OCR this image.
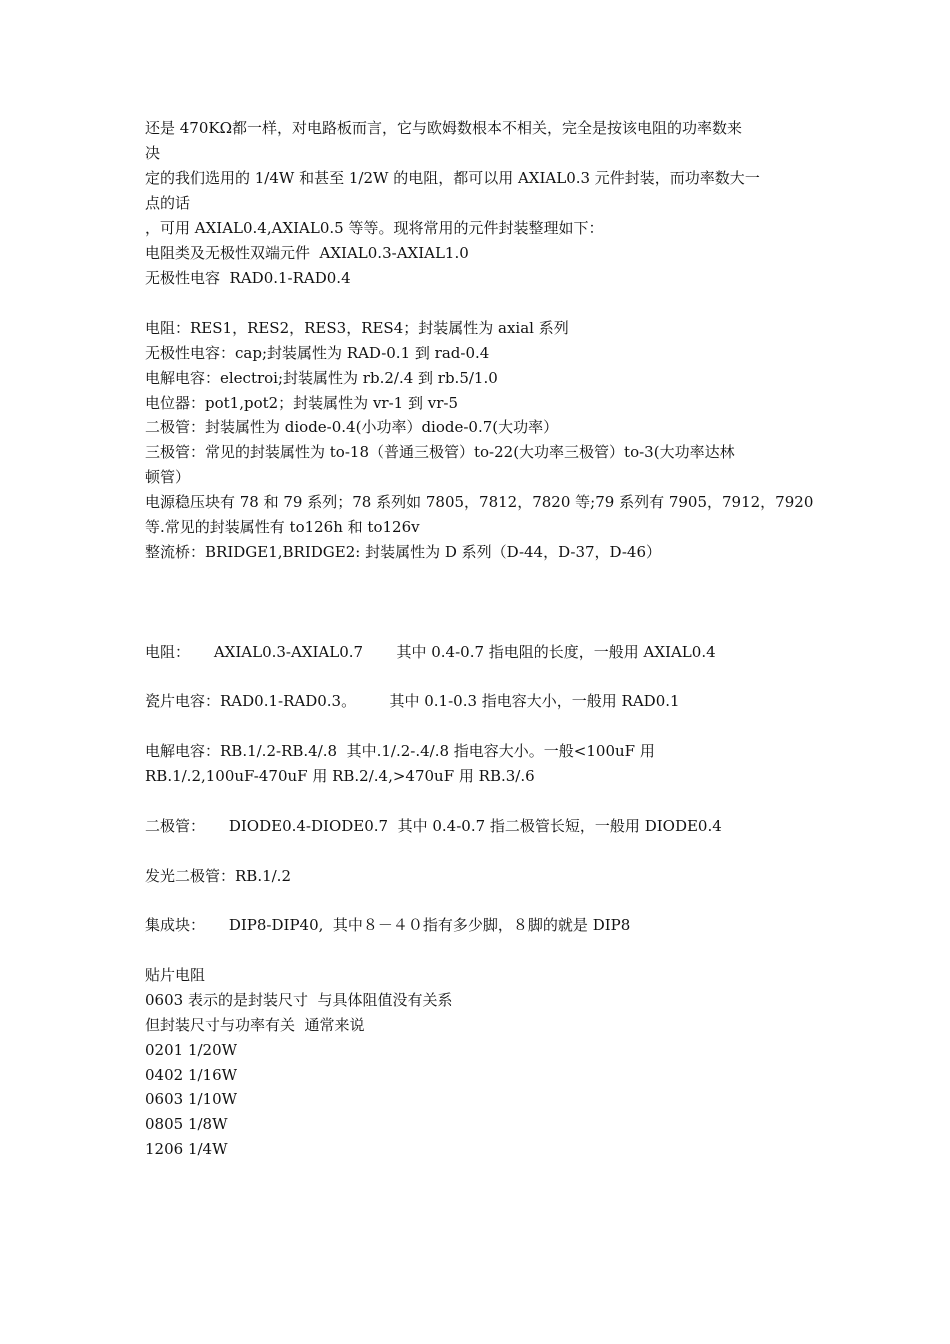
还是 470KΩ都一样，对电路板而言，它与欧姆数根本不相关，完全是按该电阻的功率数来
决
定的我们选用的 1/4W 和甚至 1/2W 的电阻，都可以用 AXIAL0.3 元件封装，而功率数大一
点的话
，可用 AXIAL0.4,AXIAL0.5 等等。现将常用的元件封装整理如下：
电阻类及无极性双端元件  AXIAL0.3-AXIAL1.0
无极性电容  RAD0.1-RAD0.4
电阻：RES1，RES2，RES3，RES4；封装属性为 axial 系列
无极性电容：cap;封装属性为 RAD-0.1 到 rad-0.4
电解电容：electroi;封装属性为 rb.2/.4 到 rb.5/1.0
电位器：pot1,pot2；封装属性为 vr-1 到 vr-5
二极管：封装属性为 diode-0.4(小功率）diode-0.7(大功率）
三极管：常见的封装属性为 to-18（普通三极管）to-22(大功率三极管）to-3(大功率达林
顿管）
电源稳压块有 78 和 79 系列；78 系列如 7805，7812，7820 等;79 系列有 7905，7912，7920
等.常见的封装属性有 to126h 和 to126v
整流桥：BRIDGE1,BRIDGE2: 封装属性为 D 系列（D-44，D-37，D-46）
电阻：     AXIAL0.3-AXIAL0.7       其中 0.4-0.7 指电阻的长度，一般用 AXIAL0.4
瓷片电容：RAD0.1-RAD0.3。       其中 0.1-0.3 指电容大小，一般用 RAD0.1
电解电容：RB.1/.2-RB.4/.8  其中.1/.2-.4/.8 指电容大小。一般<100uF 用
RB.1/.2,100uF-470uF 用 RB.2/.4,>470uF 用 RB.3/.6
二极管：     DIODE0.4-DIODE0.7  其中 0.4-0.7 指二极管长短，一般用 DIODE0.4
发光二极管：RB.1/.2
集成块：     DIP8-DIP40,  其中８－４０指有多少脚，８脚的就是 DIP8
贴片电阻
0603 表示的是封装尺寸  与具体阻值没有关系
但封装尺寸与功率有关  通常来说
0201 1/20W
0402 1/16W
0603 1/10W
0805 1/8W
1206 1/4W
